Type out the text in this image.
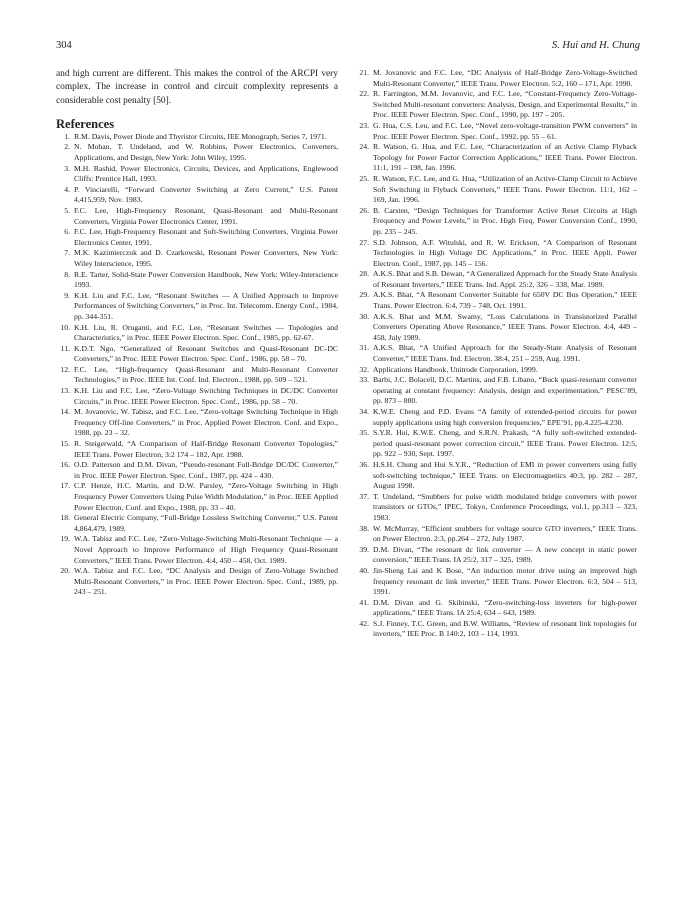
304	S. Hui and H. Chung

and high current are different. This makes the control of the ARCPI very complex. The increase in control and circuit complexity represents a considerable cost penalty [50].

References
1. R.M. Davis, Power Diode and Thyristor Circuits, IEE Monograph, Series 7, 1971.
2. N. Mohan, T. Undeland, and W. Robbins, Power Electronics, Converters, Applications, and Design, New York: John Wiley, 1995.
3. M.H. Rashid, Power Electronics, Circuits, Devices, and Applications, Englewood Cliffs: Prentice Hall, 1993.
4. P. Vinciarelli, “Forward Converter Switching at Zero Current,” U.S. Patent 4,415,959, Nov. 1983.
5. F.C. Lee, High-Frequency Resonant, Quasi-Resonant and Multi-Resonant Converters, Virginia Power Electronics Center, 1991.
6. F.C. Lee, High-Frequency Resonant and Soft-Switching Converters, Virginia Power Electronics Center, 1991.
7. M.K. Kazimierczuk and D. Czarkowski, Resonant Power Converters, New York: Wiley Interscience, 1995.
8. R.E. Tarter, Solid-State Power Conversion Handbook, New York: Wiley-Interscience 1993.
9. K.H. Liu and F.C. Lee, “Resonant Switches — A Unified Approach to Improve Performances of Switching Converters,” in Proc. Int. Telecomm. Energy Conf., 1984, pp. 344-351.
10. K.H. Liu, R. Oruganti, and F.C. Lee, “Resonant Switches — Topologies and Characteristics,” in Proc. IEEE Power Electron. Spec. Conf., 1985, pp. 62-67.
11. K.D.T. Ngo, “Generalized of Resonant Switches and Quasi-Resonant DC-DC Converters,” in Proc. IEEE Power Electron. Spec. Conf., 1986, pp. 58 – 70.
12. F.C. Lee, “High-frequency Quasi-Resonant and Multi-Resonant Converter Technologies,” in Proc. IEEE Int. Conf. Ind. Electron., 1988, pp. 509 – 521.
13. K.H. Liu and F.C. Lee, “Zero-Voltage Switching Techniques in DC/DC Converter Circuits,” in Proc. IEEE Power Electron. Spec. Conf., 1986, pp. 58 – 70.
14. M. Jovanovic, W. Tabisz, and F.C. Lee, “Zero-voltage Switching Technique in High Frequency Off-line Converters,” in Proc. Applied Power Electron. Conf. and Expo., 1988, pp. 23 – 32.
15. R. Steigerwald, “A Comparison of Half-Bridge Resonant Converter Topologies,” IEEE Trans. Power Electron, 3:2 174 – 182, Apr. 1988.
16. O.D. Patterson and D.M. Divan, “Pseudo-resonant Full-Bridge DC/DC Converter,” in Proc. IEEE Power Electron. Spec. Conf., 1987, pp. 424 – 430.
17. C.P. Henze, H.C. Martin, and D.W. Parsley, “Zero-Voltage Switching in High Frequency Power Converters Using Pulse Width Modulation,” in Proc. IEEE Applied Power Electron. Conf. and Expo., 1988, pp. 33 – 40.
18. General Electric Company, “Full-Bridge Lossless Switching Converter,” U.S. Patent 4,864,479, 1989.
19. W.A. Tabisz and F.C. Lee, “Zero-Voltage-Switching Multi-Resonant Technique — a Novel Approach to Improve Performance of High Frequency Quasi-Resonant Converters,” IEEE Trans. Power Electron. 4:4, 450 – 458, Oct. 1989.
20. W.A. Tabisz and F.C. Lee, “DC Analysis and Design of Zero-Voltage Switched Multi-Resonant Converters,” in Proc. IEEE Power Electron. Spec. Conf., 1989, pp. 243 – 251.
21. M. Jovanovic and F.C. Lee, “DC Analysis of Half-Bridge Zero-Voltage-Switched Multi-Resonant Converter,” IEEE Trans. Power Electron. 5:2, 160 – 171, Apr. 1990.
22. R. Farrington, M.M. Jovanovic, and F.C. Lee, “Constant-Frequency Zero-Voltage-Switched Multi-resonant converters: Analysis, Design, and Experimental Results,” in Proc. IEEE Power Electron. Spec. Conf., 1990, pp. 197 – 205.
23. G. Hua, C.S. Leu, and F.C. Lee, “Novel zero-voltage-transition PWM converters” in Proc. IEEE Power Electron. Spec. Conf., 1992, pp. 55 – 61.
24. R. Watson, G. Hua, and F.C. Lee, “Characterization of an Active Clamp Flyback Topology for Power Factor Correction Applications,” IEEE Trans. Power Electron. 11:1, 191 – 198, Jan. 1996.
25. R. Watson, F.C. Lee, and G. Hua, “Utilization of an Active-Clamp Circuit to Achieve Soft Switching in Flyback Converters,” IEEE Trans. Power Electron. 11:1, 162 – 169, Jan. 1996.
26. B. Carsten, “Design Techniques for Transformer Active Reset Circuits at High Frequency and Power Levels,” in Proc. High Freq. Power Conversion Conf., 1990, pp. 235 – 245.
27. S.D. Johnson, A.F. Witulski, and R. W. Erickson, “A Comparison of Resonant Technologies in High Voltage DC Applications,” in Proc. IEEE Appli. Power Electron. Conf., 1987, pp. 145 – 156.
28. A.K.S. Bhat and S.B. Dewan, “A Generalized Approach for the Steady State Analysis of Resonant Inverters,” IEEE Trans. Ind. Appl. 25:2, 326 – 338, Mar. 1989.
29. A.K.S. Bhat, “A Resonant Converter Suitable for 650V DC Bus Operation,” IEEE Trans. Power Electron. 6:4, 739 – 748, Oct. 1991.
30. A.K.S. Bhat and M.M. Swamy, “Loss Calculations in Transistorized Parallel Converters Operating Above Resonance,” IEEE Trans. Power Electron. 4:4, 449 – 458, July 1989.
31. A.K.S. Bhat, “A Unified Approach for the Steady-State Analysis of Resonant Converter,” IEEE Trans. Ind. Electron. 38:4, 251 – 259, Aug. 1991.
32. Applications Handbook, Unitrode Corporation, 1999.
33. Barbi, J.C. Bolacell, D.C. Martins, and F.B. Libano, “Buck quasi-resonant converter operating at constant frequency: Analysis, design and experimentation,” PESC’89, pp. 873 – 880.
34. K.W.E. Cheng and P.D. Evans “A family of extended-period circuits for power supply applications using high conversion frequencies,” EPE’91, pp.4.225-4.230.
35. S.Y.R. Hui, K.W.E. Cheng, and S.R.N. Prakash, “A fully soft-switched extended-period quasi-resonant power correction circuit,” IEEE Trans. Power Electron. 12:5, pp. 922 – 930, Sept. 1997.
36. H.S.H. Chung and Hui S.Y.R., “Reduction of EMI in power converters using fully soft-switching technique,” IEEE Trans. on Electromagnetics 40:3, pp. 282 – 287, August 1998.
37. T. Undeland, “Snubbers for pulse width modulated bridge converters with power transistors or GTOs,” IPEC, Tokyo, Conference Proceedings, vol.1, pp.313 – 323, 1983.
38. W. McMurray, “Efficient snubbers for voltage source GTO inverters,” IEEE Trans. on Power Electron. 2:3, pp.264 – 272, July 1987.
39. D.M. Divan, “The resonant dc link converter — A new concept in static power conversion,” IEEE Trans. IA 25:2, 317 – 325, 1989.
40. Jin-Sheng Lai and K Bose, “An induction motor drive using an improved high frequency resonant dc link inverter,” IEEE Trans. Power Electron. 6:3, 504 – 513, 1991.
41. D.M. Divan and G. Skibinski, “Zero-switching-loss inverters for high-power applications,” IEEE Trans. IA 25:4, 634 – 643, 1989.
42. S.J. Finney, T.C. Green, and B.W. Williams, “Review of resonant link topologies for inverters,” IEE Proc. B 140:2, 103 – 114, 1993.
